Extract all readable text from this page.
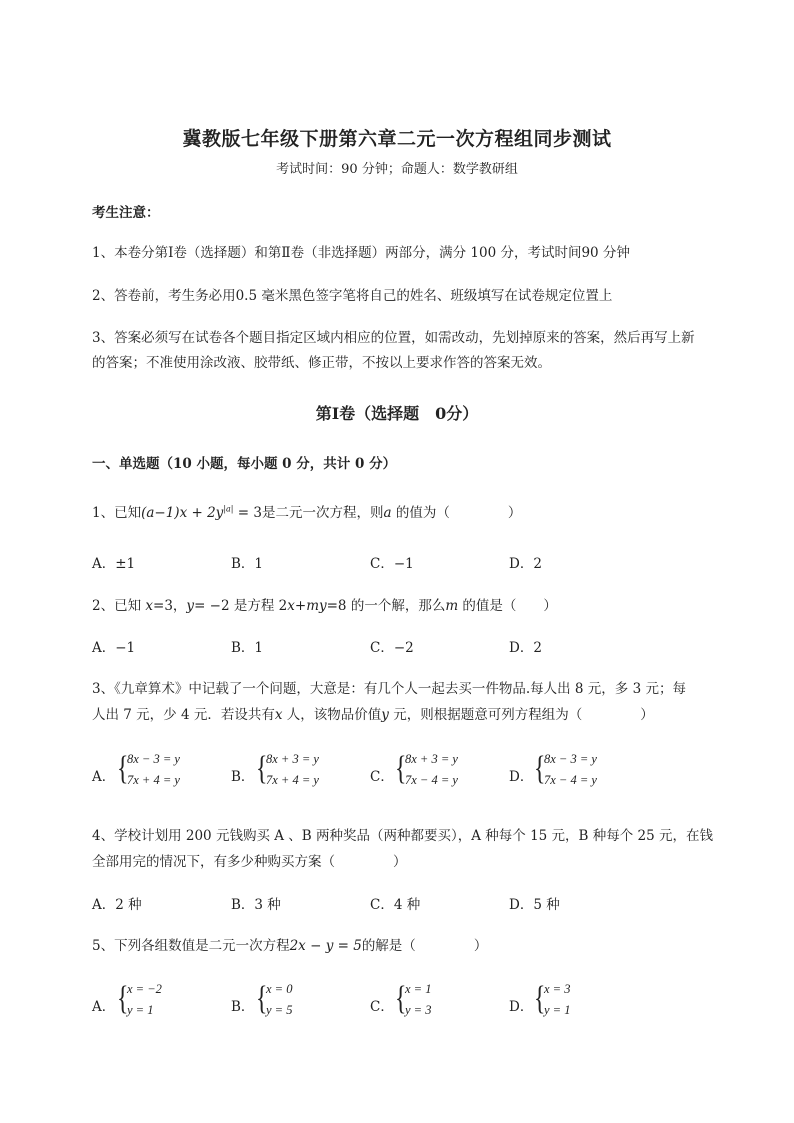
冀教版七年级下册第六章二元一次方程组同步测试
考试时间：90 分钟；命题人：数学教研组
考生注意：
1、本卷分第Ⅰ卷（选择题）和第Ⅱ卷（非选择题）两部分，满分 100 分，考试时间90 分钟
2、答卷前，考生务必用0.5 毫米黑色签字笔将自己的姓名、班级填写在试卷规定位置上
3、答案必须写在试卷各个题目指定区域内相应的位置，如需改动，先划掉原来的答案，然后再写上新
的答案；不准使用涂改液、胶带纸、修正带，不按以上要求作答的答案无效。
第Ⅰ卷（选择题　0分）
一、单选题（10 小题，每小题 0 分，共计 0 分）
1、已知$(a-1)x + 2y^{|a|} = 3$是二元一次方程，则a 的值为（	）
A．±1	B．1	C．−1	D．2
2、已知 x=3，y= −2 是方程 2x+my=8 的一个解，那么m 的值是（　　）
A．−1	B．1	C．−2	D．2
3、《九章算术》中记载了一个问题，大意是：有几个人一起去买一件物品.每人出 8 元，多 3 元；每
人出 7 元，少 4 元．若设共有x 人，该物品价值y 元，则根据题意可列方程组为（	）
A． {
8x − 3 = y
7x + 4 = y	B． {
8x + 3 = y
7x + 4 = y	C． {
8x + 3 = y
7x − 4 = y	D． {
8x − 3 = y
7x − 4 = y
4、学校计划用 200 元钱购买 A 、B 两种奖品（两种都要买），A 种每个 15 元，B 种每个 25 元，在钱
全部用完的情况下，有多少种购买方案（	）
A．2 种	B．3 种	C．4 种	D．5 种
5、下列各组数值是二元一次方程2x − y = 5的解是（	）
A． {
x = −2
y = 1	B． {
x = 0
y = 5	C． {
x = 1
y = 3	D． {
x = 3
y = 1
